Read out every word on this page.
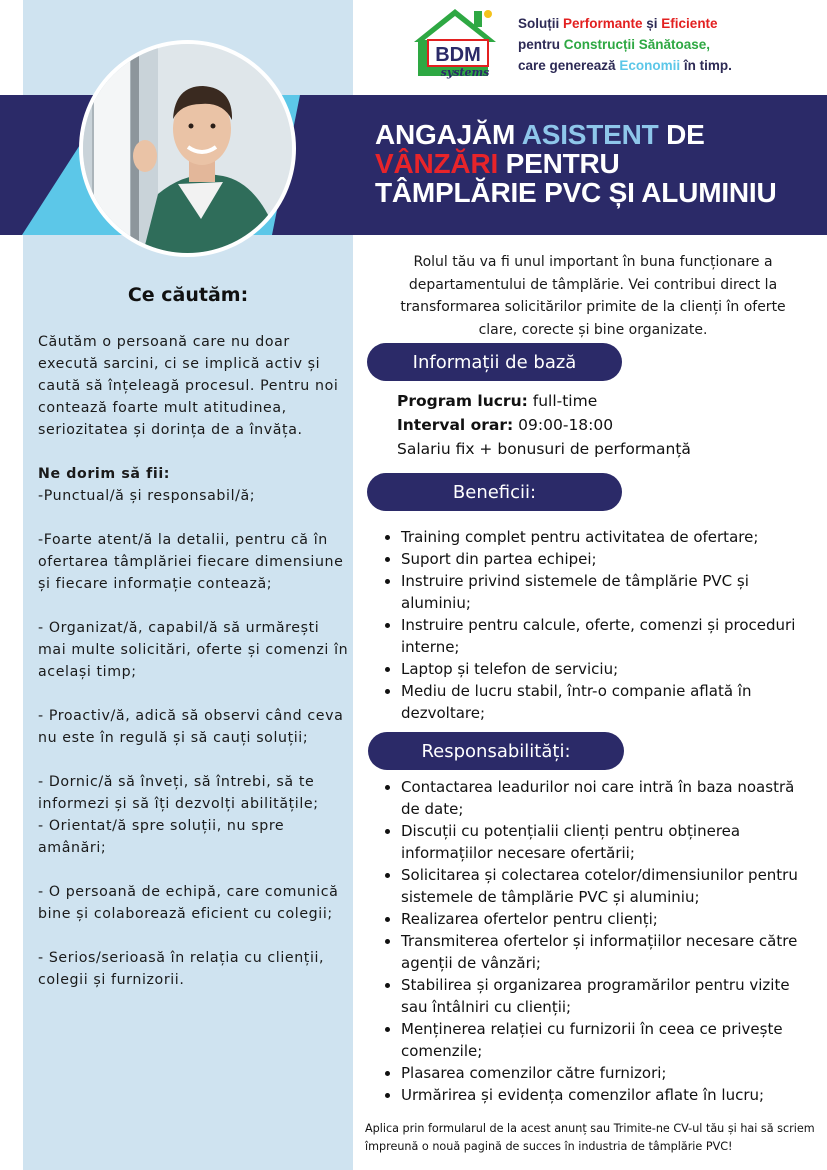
BDM
systems
Soluții Performante și Eficiente
pentru Construcții Sănătoase,
care generează Economii în timp.
ANGAJĂM ASISTENT DE
VÂNZĂRI PENTRU
TÂMPLĂRIE PVC ȘI ALUMINIU
Ce căutăm:

Căutăm o persoană care nu doar execută sarcini, ci se implică activ și caută să înțeleagă procesul. Pentru noi contează foarte mult atitudinea, seriozitatea și dorința de a învăța.

Ne dorim să fii:

-Punctual/ă și responsabil/ă;

-Foarte atent/ă la detalii, pentru că în ofertarea tâmplăriei fiecare dimensiune și fiecare informație contează;

- Organizat/ă, capabil/ă să urmărești mai multe solicitări, oferte și comenzi în același timp;

- Proactiv/ă, adică să observi când ceva nu este în regulă și să cauți soluții;

- Dornic/ă să înveți, să întrebi, să te informezi și să îți dezvolți abilitățile;

- Orientat/ă spre soluții, nu spre amânări;

- O persoană de echipă, care comunică bine și colaborează eficient cu colegii;

- Serios/serioasă în relația cu clienții, colegii și furnizorii.

Rolul tău va fi unul important în buna funcționare a departamentului de tâmplărie. Vei contribui direct la transformarea solicitărilor primite de la clienți în oferte clare, corecte și bine organizate.
Informații de bază

Program lucru: full-time

Interval orar: 09:00-18:00

Salariu fix + bonusuri de performanță

Beneficii:
• Training complet pentru activitatea de ofertare;
• Suport din partea echipei;
• Instruire privind sistemele de tâmplărie PVC și aluminiu;
• Instruire pentru calcule, oferte, comenzi și proceduri interne;
• Laptop și telefon de serviciu;
• Mediu de lucru stabil, într-o companie aflată în dezvoltare;
Responsabilități:
• Contactarea leadurilor noi care intră în baza noastră de date;
• Discuții cu potențialii clienți pentru obținerea informațiilor necesare ofertării;
• Solicitarea și colectarea cotelor/dimensiunilor pentru sistemele de tâmplărie PVC și aluminiu;
• Realizarea ofertelor pentru clienți;
• Transmiterea ofertelor și informațiilor necesare către agenții de vânzări;
• Stabilirea și organizarea programărilor pentru vizite sau întâlniri cu clienții;
• Menținerea relației cu furnizorii în ceea ce privește comenzile;
• Plasarea comenzilor către furnizori;
• Urmărirea și evidența comenzilor aflate în lucru;
Aplica prin formularul de la acest anunț sau Trimite-ne CV-ul tău și hai să scriem împreună o nouă pagină de succes în industria de tâmplărie PVC!
